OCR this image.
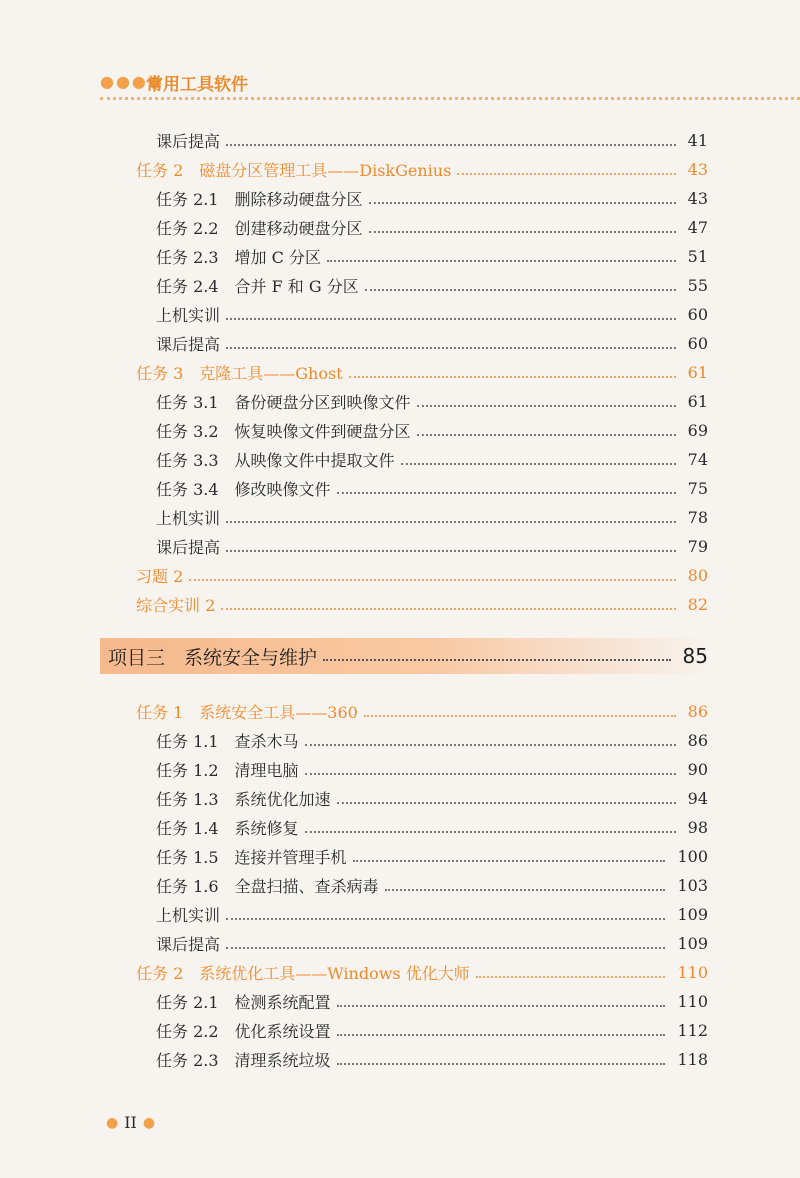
●●●●
常用工具软件
课后提高	41
任务 2　磁盘分区管理工具——DiskGenius	43
任务 2.1　删除移动硬盘分区	43
任务 2.2　创建移动硬盘分区	47
任务 2.3　增加 C 分区	51
任务 2.4　合并 F 和 G 分区	55
上机实训	60
课后提高	60
任务 3　克隆工具——Ghost	61
任务 3.1　备份硬盘分区到映像文件	61
任务 3.2　恢复映像文件到硬盘分区	69
任务 3.3　从映像文件中提取文件	74
任务 3.4　修改映像文件	75
上机实训	78
课后提高	79
习题 2	80
综合实训 2	82
项目三　系统安全与维护	85
任务 1　系统安全工具——360	86
任务 1.1　查杀木马	86
任务 1.2　清理电脑	90
任务 1.3　系统优化加速	94
任务 1.4　系统修复	98
任务 1.5　连接并管理手机	100
任务 1.6　全盘扫描、查杀病毒	103
上机实训	109
课后提高	109
任务 2　系统优化工具——Windows 优化大师	110
任务 2.1　检测系统配置	110
任务 2.2　优化系统设置	112
任务 2.3　清理系统垃圾	118
● II ●
